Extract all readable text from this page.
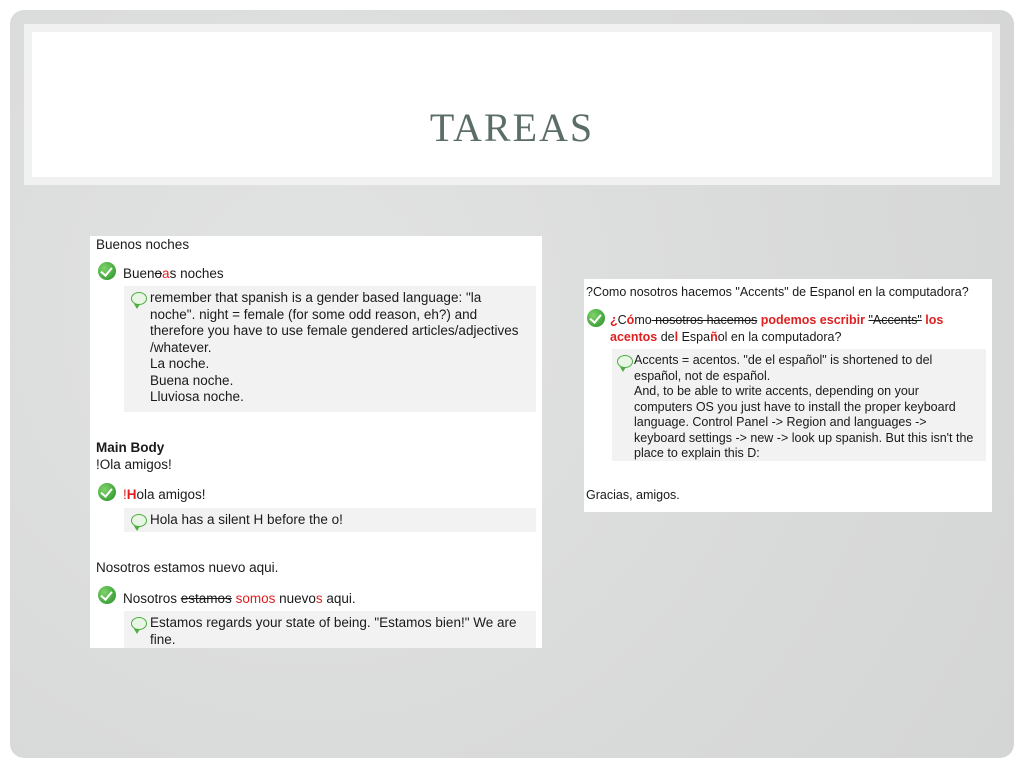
TAREAS
Buenos noches
Buenoas noches
remember that spanish is a gender based language: "la
noche". night = female (for some odd reason, eh?) and
therefore you have to use female gendered articles/adjectives
/whatever.
La noche.
Buena noche.
Lluviosa noche.
Main Body
!Ola amigos!
!Hola amigos!
Hola has a silent H before the o!
Nosotros estamos nuevo aqui.
Nosotros estamos somos nuevos aqui.
Estamos regards your state of being. "Estamos bien!" We are
fine.
?Como nosotros hacemos "Accents" de Espanol en la computadora?
¿Cómo nosotros hacemos podemos escribir "Accents" los
acentos del Español en la computadora?
Accents = acentos. "de el español" is shortened to del
español, not de español.
And, to be able to write accents, depending on your
computers OS you just have to install the proper keyboard
language. Control Panel -> Region and languages ->
keyboard settings -> new -> look up spanish. But this isn't the
place to explain this D:
Gracias, amigos.
